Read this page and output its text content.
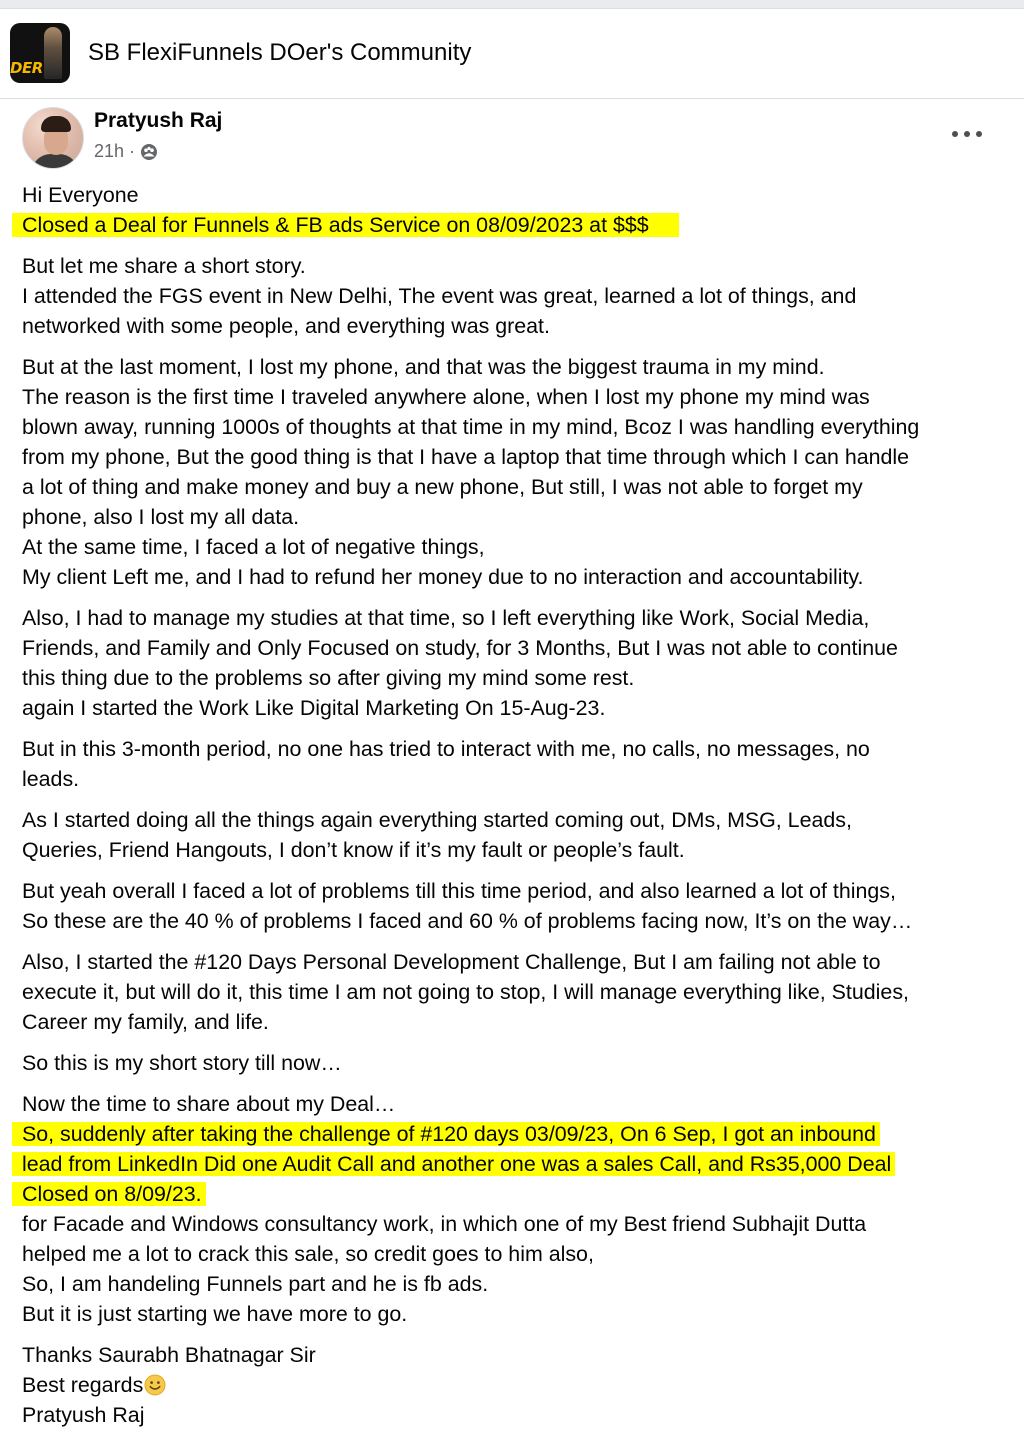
DER
SB FlexiFunnels DOer's Community
Pratyush Raj
21h ·

Hi Everyone
Closed a Deal for Funnels & FB ads Service on 08/09/2023 at $$$

But let me share a short story.
I attended the FGS event in New Delhi, The event was great, learned a lot of things, and
networked with some people, and everything was great.

But at the last moment, I lost my phone, and that was the biggest trauma in my mind.
The reason is the first time I traveled anywhere alone, when I lost my phone my mind was
blown away, running 1000s of thoughts at that time in my mind, Bcoz I was handling everything
from my phone, But the good thing is that I have a laptop that time through which I can handle
a lot of thing and make money and buy a new phone, But still, I was not able to forget my
phone, also I lost my all data.
At the same time, I faced a lot of negative things,
My client Left me, and I had to refund her money due to no interaction and accountability.

Also, I had to manage my studies at that time, so I left everything like Work, Social Media,
Friends, and Family and Only Focused on study, for 3 Months, But I was not able to continue
this thing due to the problems so after giving my mind some rest.
again I started the Work Like Digital Marketing On 15-Aug-23.

But in this 3-month period, no one has tried to interact with me, no calls, no messages, no
leads.

As I started doing all the things again everything started coming out, DMs, MSG, Leads,
Queries, Friend Hangouts, I don’t know if it’s my fault or people’s fault.

But yeah overall I faced a lot of problems till this time period, and also learned a lot of things,
So these are the 40 % of problems I faced and 60 % of problems facing now, It’s on the way…

Also, I started the #120 Days Personal Development Challenge, But I am failing not able to
execute it, but will do it, this time I am not going to stop, I will manage everything like, Studies,
Career my family, and life.

So this is my short story till now…

Now the time to share about my Deal…
So, suddenly after taking the challenge of #120 days 03/09/23, On 6 Sep, I got an inbound
lead from LinkedIn Did one Audit Call and another one was a sales Call, and Rs35,000 Deal
Closed on 8/09/23.
for Facade and Windows consultancy work, in which one of my Best friend Subhajit Dutta
helped me a lot to crack this sale, so credit goes to him also,
So, I am handeling Funnels part and he is fb ads.
But it is just starting we have more to go.

Thanks Saurabh Bhatnagar Sir
Best regards
Pratyush Raj
